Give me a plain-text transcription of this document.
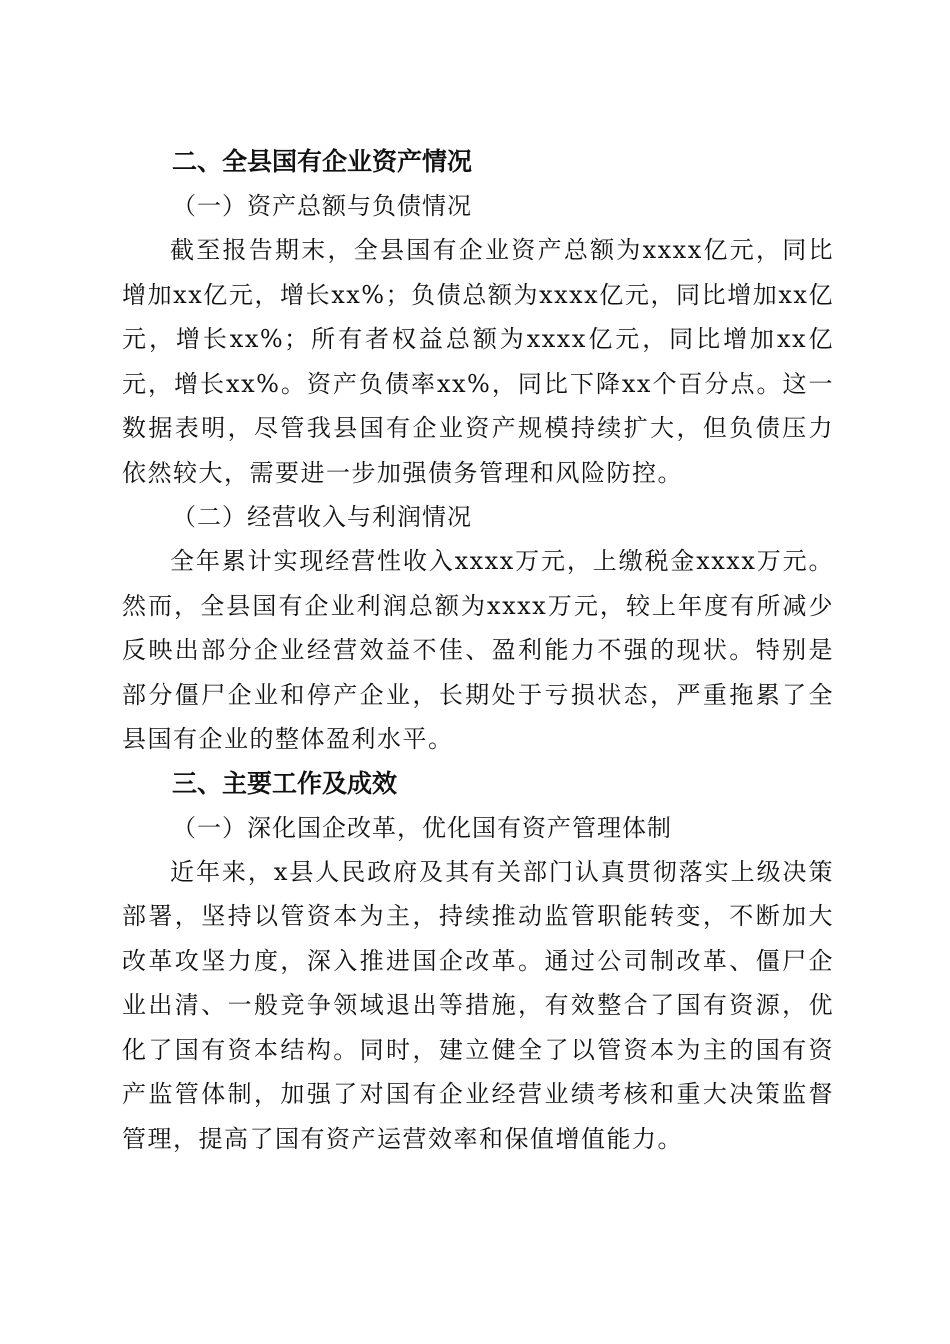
二、全县国有企业资产情况

（一）资产总额与负债情况

截至报告期末，全县国有企业资产总额为xxxx亿元，同比增加xx亿元，增长xx%；负债总额为xxxx亿元，同比增加xx亿元，增长xx%；所有者权益总额为xxxx亿元，同比增加xx亿元，增长xx%。资产负债率xx%，同比下降xx个百分点。这一数据表明，尽管我县国有企业资产规模持续扩大，但负债压力依然较大，需要进一步加强债务管理和风险防控。

（二）经营收入与利润情况

全年累计实现经营性收入xxxx万元，上缴税金xxxx万元。然而，全县国有企业利润总额为xxxx万元，较上年度有所减少反映出部分企业经营效益不佳、盈利能力不强的现状。特别是部分僵尸企业和停产企业，长期处于亏损状态，严重拖累了全县国有企业的整体盈利水平。

三、主要工作及成效

（一）深化国企改革，优化国有资产管理体制

近年来，x县人民政府及其有关部门认真贯彻落实上级决策部署，坚持以管资本为主，持续推动监管职能转变，不断加大改革攻坚力度，深入推进国企改革。通过公司制改革、僵尸企业出清、一般竞争领域退出等措施，有效整合了国有资源，优化了国有资本结构。同时，建立健全了以管资本为主的国有资产监管体制，加强了对国有企业经营业绩考核和重大决策监督管理，提高了国有资产运营效率和保值增值能力。
